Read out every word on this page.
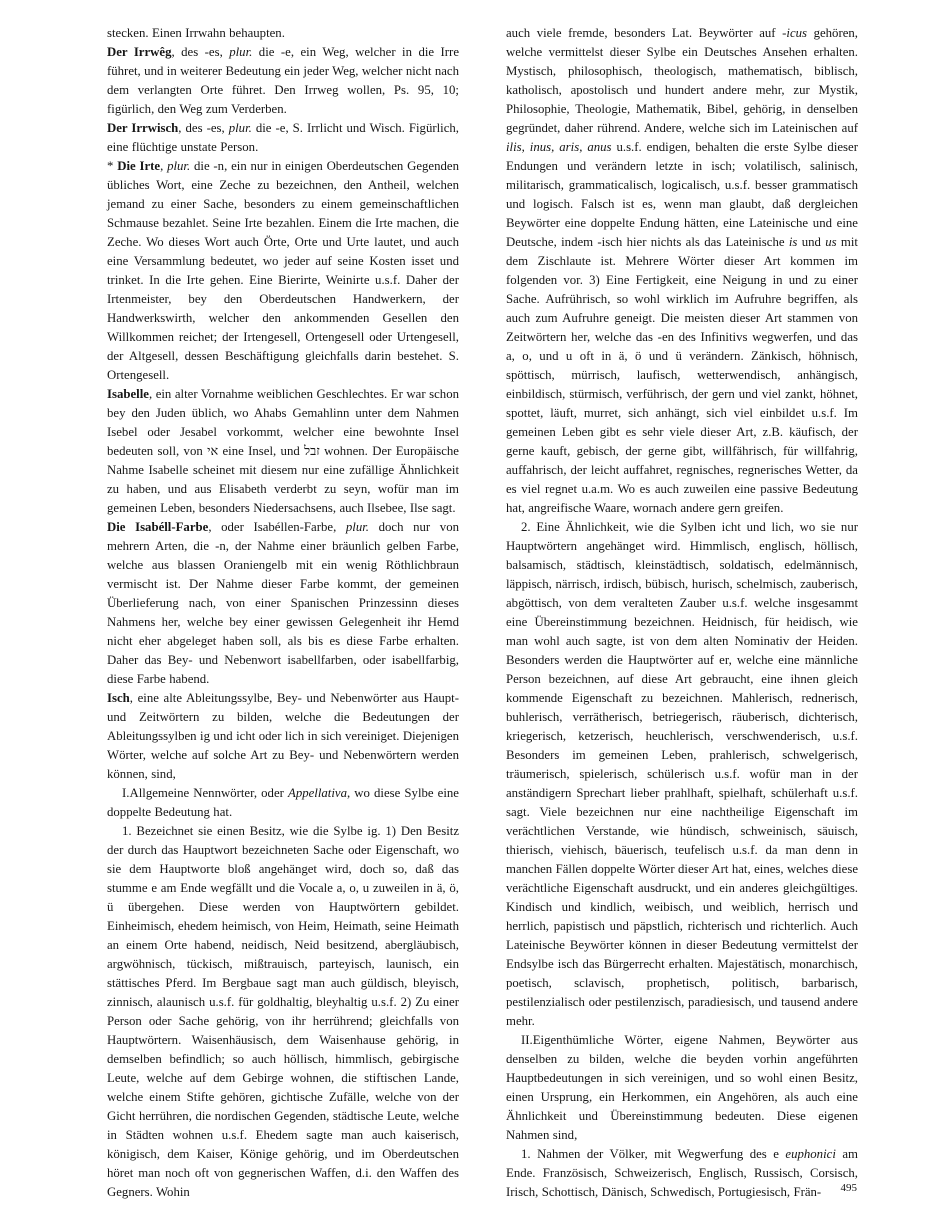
stecken. Einen Irrwahn behaupten.

Der Irrwêg, des -es, plur. die -e, ein Weg, welcher in die Irre führet, und in weiterer Bedeutung ein jeder Weg, welcher nicht nach dem verlangten Orte führet. Den Irrweg wollen, Ps. 95, 10; figürlich, den Weg zum Verderben.

Der Irrwisch, des -es, plur. die -e, S. Irrlicht und Wisch. Figürlich, eine flüchtige unstate Person.

* Die Irte, plur. die -n, ein nur in einigen Oberdeutschen Gegenden übliches Wort, eine Zeche zu bezeichnen, den Antheil, welchen jemand zu einer Sache, besonders zu einem gemeinschaftlichen Schmause bezahlet. Seine Irte bezahlen. Einem die Irte machen, die Zeche. Wo dieses Wort auch Örte, Orte und Urte lautet, und auch eine Versammlung bedeutet, wo jeder auf seine Kosten isset und trinket. In die Irte gehen. Eine Bierirte, Weinirte u.s.f. Daher der Irtenmeister, bey den Oberdeutschen Handwerkern, der Handwerkswirth, welcher den ankommenden Gesellen den Willkommen reichet; der Irtengesell, Ortengesell oder Urtengesell, der Altgesell, dessen Beschäftigung gleichfalls darin bestehet. S. Ortengesell.

Isabelle, ein alter Vornahme weiblichen Geschlechtes. Er war schon bey den Juden üblich, wo Ahabs Gemahlinn unter dem Nahmen Isebel oder Jesabel vorkommt, welcher eine bewohnte Insel bedeuten soll, von אי eine Insel, und זבל wohnen. Der Europäische Nahme Isabelle scheinet mit diesem nur eine zufällige Ähnlichkeit zu haben, und aus Elisabeth verderbt zu seyn, wofür man im gemeinen Leben, besonders Niedersachsens, auch Ilsebee, Ilse sagt.

Die Isabéll-Farbe, oder Isabéllen-Farbe, plur. doch nur von mehrern Arten, die -n, der Nahme einer bräunlich gelben Farbe, welche aus blassen Oraniengelb mit ein wenig Röthlichbraun vermischt ist. Der Nahme dieser Farbe kommt, der gemeinen Überlieferung nach, von einer Spanischen Prinzessinn dieses Nahmens her, welche bey einer gewissen Gelegenheit ihr Hemd nicht eher abgeleget haben soll, als bis es diese Farbe erhalten. Daher das Bey- und Nebenwort isabellfarben, oder isabellfarbig, diese Farbe habend.

Isch, eine alte Ableitungssylbe, Bey- und Nebenwörter aus Haupt- und Zeitwörtern zu bilden, welche die Bedeutungen der Ableitungssylben ig und icht oder lich in sich vereiniget. Diejenigen Wörter, welche auf solche Art zu Bey- und Nebenwörtern werden können, sind,

I.Allgemeine Nennwörter, oder Appellativa, wo diese Sylbe eine doppelte Bedeutung hat.

1. Bezeichnet sie einen Besitz, wie die Sylbe ig. 1) Den Besitz der durch das Hauptwort bezeichneten Sache oder Eigenschaft, wo sie dem Hauptworte bloß angehänget wird, doch so, daß das stumme e am Ende wegfällt und die Vocale a, o, u zuweilen in ä, ö, ü übergehen. Diese werden von Hauptwörtern gebildet. Einheimisch, ehedem heimisch, von Heim, Heimath, seine Heimath an einem Orte habend, neidisch, Neid besitzend, abergläubisch, argwöhnisch, tückisch, mißtrauisch, parteyisch, launisch, ein stättisches Pferd. Im Bergbaue sagt man auch güldisch, bleyisch, zinnisch, alaunisch u.s.f. für goldhaltig, bleyhaltig u.s.f. 2) Zu einer Person oder Sache gehörig, von ihr herrührend; gleichfalls von Hauptwörtern. Waisenhäusisch, dem Waisenhause gehörig, in demselben befindlich; so auch höllisch, himmlisch, gebirgische Leute, welche auf dem Gebirge wohnen, die stiftischen Lande, welche einem Stifte gehören, gichtische Zufälle, welche von der Gicht herrühren, die nordischen Gegenden, städtische Leute, welche in Städten wohnen u.s.f. Ehedem sagte man auch kaiserisch, königisch, dem Kaiser, Könige gehörig, und im Oberdeutschen höret man noch oft von gegnerischen Waffen, d.i. den Waffen des Gegners. Wohin

auch viele fremde, besonders Lat. Beywörter auf -icus gehören, welche vermittelst dieser Sylbe ein Deutsches Ansehen erhalten. Mystisch, philosophisch, theologisch, mathematisch, biblisch, katholisch, apostolisch und hundert andere mehr, zur Mystik, Philosophie, Theologie, Mathematik, Bibel, gehörig, in denselben gegründet, daher rührend. Andere, welche sich im Lateinischen auf ilis, inus, aris, anus u.s.f. endigen, behalten die erste Sylbe dieser Endungen und verändern letzte in isch; volatilisch, salinisch, militarisch, grammaticalisch, logicalisch, u.s.f. besser grammatisch und logisch. Falsch ist es, wenn man glaubt, daß dergleichen Beywörter eine doppelte Endung hätten, eine Lateinische und eine Deutsche, indem -isch hier nichts als das Lateinische is und us mit dem Zischlaute ist. Mehrere Wörter dieser Art kommen im folgenden vor. 3) Eine Fertigkeit, eine Neigung in und zu einer Sache. Aufrührisch, so wohl wirklich im Aufruhre begriffen, als auch zum Aufruhre geneigt. Die meisten dieser Art stammen von Zeitwörtern her, welche das -en des Infinitivs wegwerfen, und das a, o, und u oft in ä, ö und ü verändern. Zänkisch, höhnisch, spöttisch, mürrisch, laufisch, wetterwendisch, anhängisch, einbildisch, stürmisch, verführisch, der gern und viel zankt, höhnet, spottet, läuft, murret, sich anhängt, sich viel einbildet u.s.f. Im gemeinen Leben gibt es sehr viele dieser Art, z.B. käufisch, der gerne kauft, gebisch, der gerne gibt, willfährisch, für willfahrig, auffahrisch, der leicht auffahret, regnisches, regnerisches Wetter, da es viel regnet u.a.m. Wo es auch zuweilen eine passive Bedeutung hat, angreifische Waare, wornach andere gern greifen.

2. Eine Ähnlichkeit, wie die Sylben icht und lich, wo sie nur Hauptwörtern angehänget wird. Himmlisch, englisch, höllisch, balsamisch, städtisch, kleinstädtisch, soldatisch, edelmännisch, läppisch, närrisch, irdisch, bübisch, hurisch, schelmisch, zauberisch, abgöttisch, von dem veralteten Zauber u.s.f. welche insgesammt eine Übereinstimmung bezeichnen. Heidnisch, für heidisch, wie man wohl auch sagte, ist von dem alten Nominativ der Heiden. Besonders werden die Hauptwörter auf er, welche eine männliche Person bezeichnen, auf diese Art gebraucht, eine ihnen gleich kommende Eigenschaft zu bezeichnen. Mahlerisch, rednerisch, buhlerisch, verrätherisch, betriegerisch, räuberisch, dichterisch, kriegerisch, ketzerisch, heuchlerisch, verschwenderisch, u.s.f. Besonders im gemeinen Leben, prahlerisch, schwelgerisch, träumerisch, spielerisch, schülerisch u.s.f. wofür man in der anständigern Sprechart lieber prahlhaft, spielhaft, schülerhaft u.s.f. sagt. Viele bezeichnen nur eine nachtheilige Eigenschaft im verächtlichen Verstande, wie hündisch, schweinisch, säuisch, thierisch, viehisch, bäuerisch, teufelisch u.s.f. da man denn in manchen Fällen doppelte Wörter dieser Art hat, eines, welches diese verächtliche Eigenschaft ausdruckt, und ein anderes gleichgültiges. Kindisch und kindlich, weibisch, und weiblich, herrisch und herrlich, papistisch und päpstlich, richterisch und richterlich. Auch Lateinische Beywörter können in dieser Bedeutung vermittelst der Endsylbe isch das Bürgerrecht erhalten. Majestätisch, monarchisch, poetisch, sclavisch, prophetisch, politisch, barbarisch, pestilenzialisch oder pestilenzisch, paradiesisch, und tausend andere mehr.

II.Eigenthümliche Wörter, eigene Nahmen, Beywörter aus denselben zu bilden, welche die beyden vorhin angeführten Hauptbedeutungen in sich vereinigen, und so wohl einen Besitz, einen Ursprung, ein Herkommen, ein Angehören, als auch eine Ähnlichkeit und Übereinstimmung bedeuten. Diese eigenen Nahmen sind,

1. Nahmen der Völker, mit Wegwerfung des e euphonici am Ende. Französisch, Schweizerisch, Englisch, Russisch, Corsisch, Irisch, Schottisch, Dänisch, Schwedisch, Portugiesisch, Frän-	495
